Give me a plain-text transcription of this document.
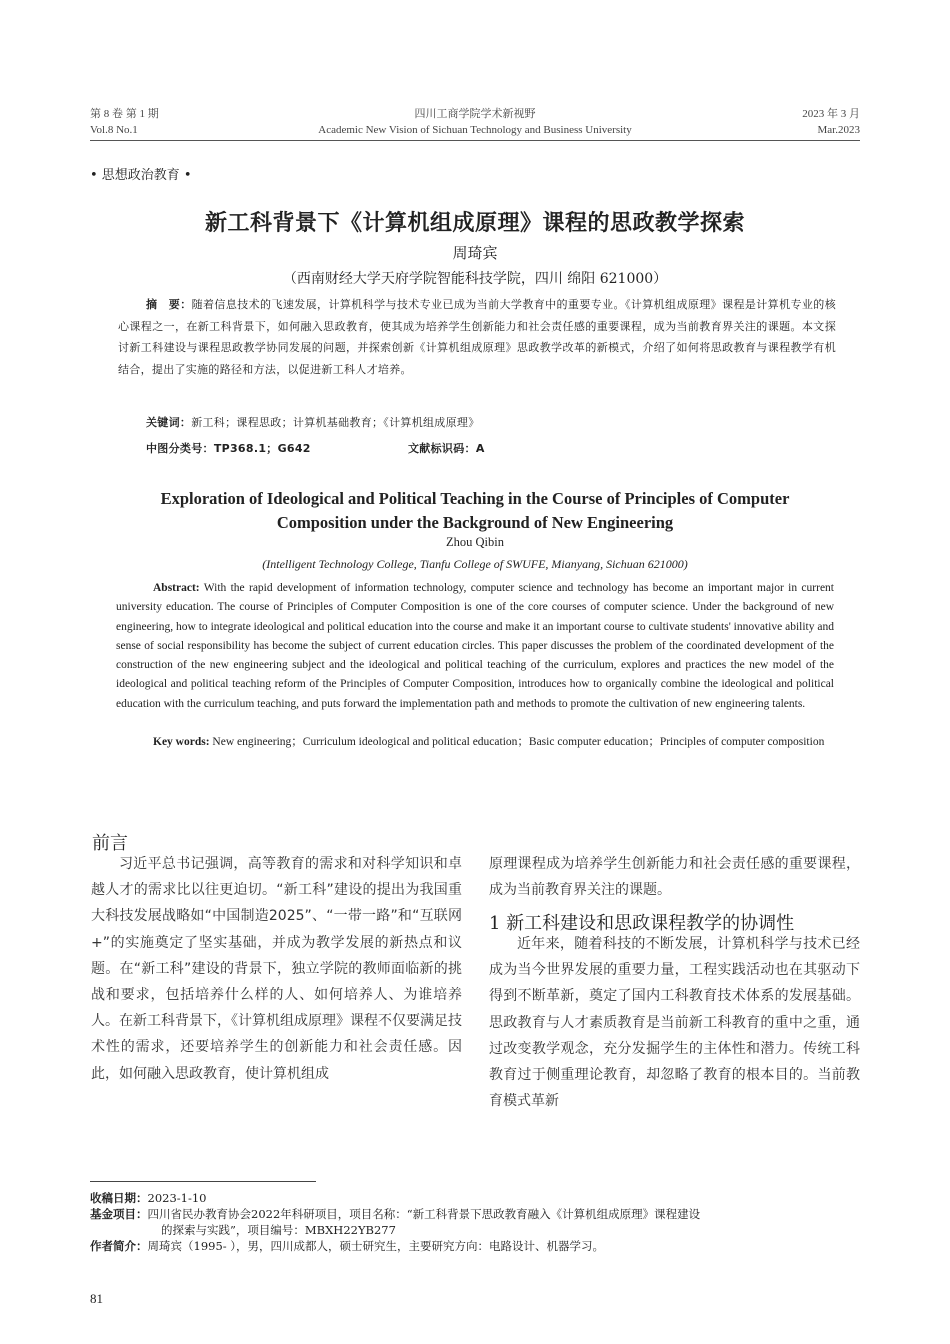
第 8 卷 第 1 期
Vol.8 No.1
四川工商学院学术新视野
Academic New Vision of Sichuan Technology and Business University
2023 年 3 月
Mar.2023
• 思想政治教育 •
新工科背景下《计算机组成原理》课程的思政教学探索
周琦宾
（西南财经大学天府学院智能科技学院，四川 绵阳 621000）
摘　要：随着信息技术的飞速发展，计算机科学与技术专业已成为当前大学教育中的重要专业。《计算机组成原理》课程是计算机专业的核心课程之一，在新工科背景下，如何融入思政教育，使其成为培养学生创新能力和社会责任感的重要课程，成为当前教育界关注的课题。本文探讨新工科建设与课程思政教学协同发展的问题，并探索创新《计算机组成原理》思政教学改革的新模式，介绍了如何将思政教育与课程教学有机结合，提出了实施的路径和方法，以促进新工科人才培养。
关键词：新工科；课程思政；计算机基础教育；《计算机组成原理》
中图分类号：TP368.1；G642	文献标识码：A
Exploration of Ideological and Political Teaching in the Course of Principles of Computer Composition under the Background of New Engineering
Zhou Qibin
(Intelligent Technology College, Tianfu College of SWUFE, Mianyang, Sichuan 621000)
Abstract: With the rapid development of information technology, computer science and technology has become an important major in current university education. The course of Principles of Computer Composition is one of the core courses of computer science. Under the background of new engineering, how to integrate ideological and political education into the course and make it an important course to cultivate students' innovative ability and sense of social responsibility has become the subject of current education circles. This paper discusses the problem of the coordinated development of the construction of the new engineering subject and the ideological and political teaching of the curriculum, explores and practices the new model of the ideological and political teaching reform of the Principles of Computer Composition, introduces how to organically combine the ideological and political education with the curriculum teaching, and puts forward the implementation path and methods to promote the cultivation of new engineering talents.
Key words: New engineering；Curriculum ideological and political education；Basic computer education；Principles of computer composition
前言
习近平总书记强调，高等教育的需求和对科学知识和卓越人才的需求比以往更迫切。“新工科”建设的提出为我国重大科技发展战略如“中国制造2025”、“一带一路”和“互联网+”的实施奠定了坚实基础，并成为教学发展的新热点和议题。在“新工科”建设的背景下，独立学院的教师面临新的挑战和要求，包括培养什么样的人、如何培养人、为谁培养人。在新工科背景下，《计算机组成原理》课程不仅要满足技术性的需求，还要培养学生的创新能力和社会责任感。因此，如何融入思政教育，使计算机组成
原理课程成为培养学生创新能力和社会责任感的重要课程，成为当前教育界关注的课题。
1 新工科建设和思政课程教学的协调性
近年来，随着科技的不断发展，计算机科学与技术已经成为当今世界发展的重要力量，工程实践活动也在其驱动下得到不断革新，奠定了国内工科教育技术体系的发展基础。思政教育与人才素质教育是当前新工科教育的重中之重，通过改变教学观念，充分发掘学生的主体性和潜力。传统工科教育过于侧重理论教育，却忽略了教育的根本目的。当前教育模式革新
收稿日期：2023-1-10
基金项目：四川省民办教育协会2022年科研项目，项目名称：“新工科背景下思政教育融入《计算机组成原理》课程建设
的探索与实践”，项目编号：MBXH22YB277
作者简介：周琦宾（1995- ），男，四川成都人，硕士研究生，主要研究方向：电路设计、机器学习。
81
